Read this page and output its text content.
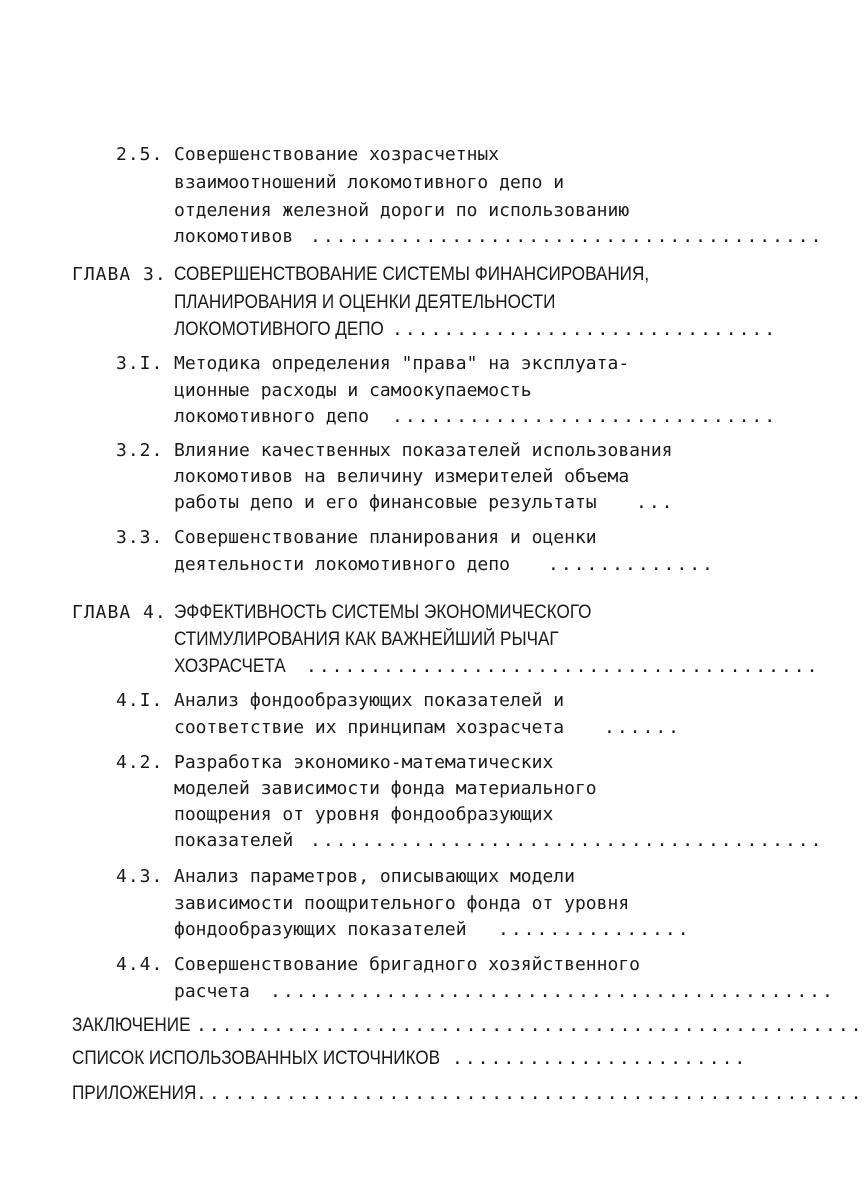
2.5. Совершенствование хозрасчетных
взаимоотношений локомотивного депо и
отделения железной дороги по использованию
локомотивов ........................................
ГЛАВА 3. СОВЕРШЕНСТВОВАНИЕ СИСТЕМЫ ФИНАНСИРОВАНИЯ,
ПЛАНИРОВАНИЯ И ОЦЕНКИ ДЕЯТЕЛЬНОСТИ
ЛОКОМОТИВНОГО ДЕПО ..............................
3.I. Методика определения "права" на эксплуата-
ционные расходы и самоокупаемость
локомотивного депо ..............................
3.2. Влияние качественных показателей использования
локомотивов на величину измерителей объема
работы депо и его финансовые результаты ...
3.3. Совершенствование планирования и оценки
деятельности локомотивного депо .............
ГЛАВА 4. ЭФФЕКТИВНОСТЬ СИСТЕМЫ ЭКОНОМИЧЕСКОГО
СТИМУЛИРОВАНИЯ КАК ВАЖНЕЙШИЙ РЫЧАГ
ХОЗРАСЧЕТА ........................................
4.I. Анализ фондообразующих показателей и
соответствие их принципам хозрасчета ......
4.2. Разработка экономико-математических
моделей зависимости фонда материального
поощрения от уровня фондообразующих
показателей ........................................
4.3. Анализ параметров, описывающих модели
зависимости поощрительного фонда от уровня
фондообразующих показателей ...............
4.4. Совершенствование бригадного хозяйственного
расчета ............................................
ЗАКЛЮЧЕНИЕ ....................................................
СПИСОК ИСПОЛЬЗОВАННЫХ ИСТОЧНИКОВ .......................
ПРИЛОЖЕНИЯ ....................................................
